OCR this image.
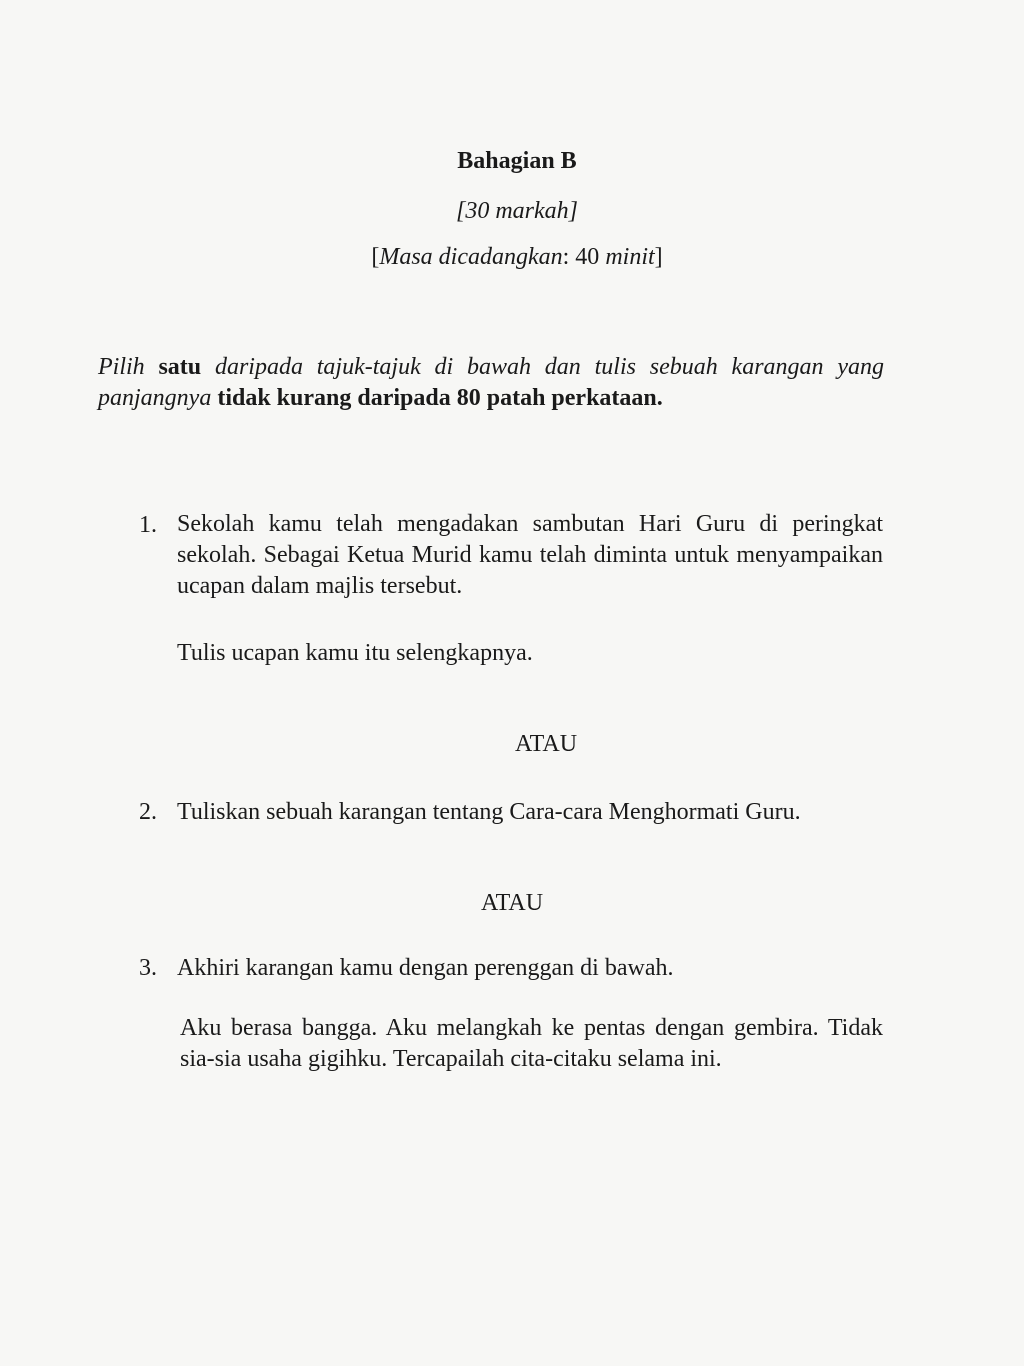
Bahagian B
[30 markah]
[Masa dicadangkan: 40 minit]
Pilih satu daripada tajuk-tajuk di bawah dan tulis sebuah karangan yang panjangnya tidak kurang daripada 80 patah perkataan.
1. Sekolah kamu telah mengadakan sambutan Hari Guru di peringkat sekolah. Sebagai Ketua Murid kamu telah diminta untuk menyampaikan ucapan dalam majlis tersebut.
Tulis ucapan kamu itu selengkapnya.
ATAU
2. Tuliskan sebuah karangan tentang Cara-cara Menghormati Guru.
ATAU
3. Akhiri karangan kamu dengan perenggan di bawah.
Aku berasa bangga. Aku melangkah ke pentas dengan gembira. Tidak sia-sia usaha gigihku. Tercapailah cita-citaku selama ini.
